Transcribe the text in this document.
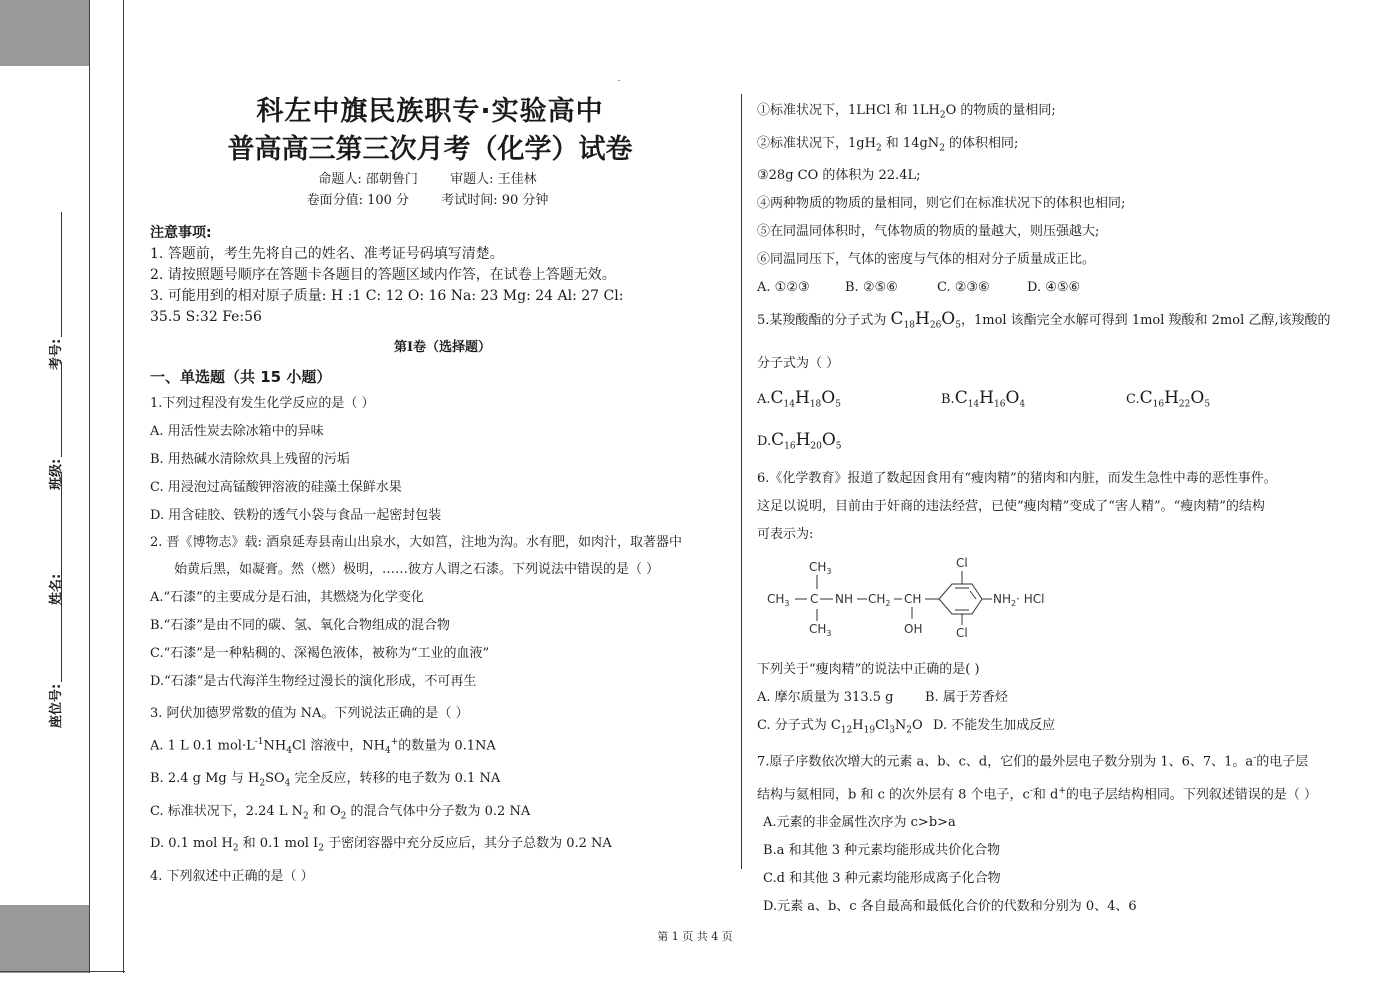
座位号:
姓名:
班级:
考号:
科左中旗民族职专·实验高中
普高高三第三次月考（化学）试卷
命题人: 邵朝鲁门 审题人: 王佳林
卷面分值: 100 分 考试时间: 90 分钟
注意事项:
1. 答题前，考生先将自己的姓名、准考证号码填写清楚。
2. 请按照题号顺序在答题卡各题目的答题区域内作答，在试卷上答题无效。
3. 可能用到的相对原子质量: H :1 C: 12 O: 16 Na: 23 Mg: 24 Al: 27 Cl:
35.5 S:32 Fe:56
第Ⅰ卷（选择题）
一、单选题（共 15 小题）
1.下列过程没有发生化学反应的是（ ）
A. 用活性炭去除冰箱中的异味
B. 用热碱水清除炊具上残留的污垢
C. 用浸泡过高锰酸钾溶液的硅藻土保鲜水果
D. 用含硅胶、铁粉的透气小袋与食品一起密封包装
2. 晋《博物志》载: 酒泉延寿县南山出泉水，大如筥，注地为沟。水有肥，如肉汁，取著器中
始黄后黑，如凝膏。然（燃）极明，……彼方人谓之石漆。下列说法中错误的是（ ）
A.“石漆”的主要成分是石油，其燃烧为化学变化
B.“石漆”是由不同的碳、氢、氧化合物组成的混合物
C.“石漆”是一种粘稠的、深褐色液体，被称为“工业的血液”
D.“石漆”是古代海洋生物经过漫长的演化形成，不可再生
3. 阿伏加德罗常数的值为 NA。下列说法正确的是（ ）
A. 1 L 0.1 $mol\cdot L^{-1}NH_4Cl$ 溶液中，$NH_4^+$的数量为 0.1NA
B. 2.4 g Mg 与 $H_2SO_4$ 完全反应，转移的电子数为 0.1 NA
C. 标准状况下，2.24 L $N_2$ 和 $O_2$ 的混合气体中分子数为 0.2 NA
D. 0.1 mol $H_2$ 和 0.1 mol $I_2$ 于密闭容器中充分反应后，其分子总数为 0.2 NA
4. 下列叙述中正确的是（ ）
①标准状况下，1LHCl 和 $1LH_2O$ 的物质的量相同;
②标准状况下，$1gH_2$ 和 $14gN_2$ 的体积相同;
③28g CO 的体积为 22.4L;
④两种物质的物质的量相同，则它们在标准状况下的体积也相同;
⑤在同温同体积时，气体物质的物质的量越大，则压强越大;
⑥同温同压下，气体的密度与气体的相对分子质量成正比。
A. ①②③	B. ②⑤⑥	C. ②③⑥	D. ④⑤⑥
5.某羧酸酯的分子式为 $C_{18}H_{26}O_5$，1mol 该酯完全水解可得到 1mol 羧酸和 2mol 乙醇,该羧酸的
分子式为（ ）
$A.C_{14}H_{18}O_5$	$B.C_{14}H_{16}O_4$	$C.C_{16}H_{22}O_5$
$D.C_{16}H_{20}O_5$
6.《化学教育》报道了数起因食用有“瘦肉精”的猪肉和内脏，而发生急性中毒的恶性事件。
这足以说明，目前由于奸商的违法经营，已使“瘦肉精”变成了“害人精”。“瘦肉精”的结构
可表示为:
$CH_3$
$CH_3$ C NH $CH_2$ CH
OH
$CH_3$
Cl
Cl
$NH_2\cdot$ HCl
下列关于“瘦肉精”的说法中正确的是( )
A. 摩尔质量为 313.5 g B. 属于芳香烃
C. 分子式为 $C_{12}H_{19}Cl_3N_2O$ D. 不能发生加成反应
7.原子序数依次增大的元素 a、b、c、d，它们的最外层电子数分别为 1、6、7、1。a-的电子层
结构与氦相同，b 和 c 的次外层有 8 个电子，c-和 d+的电子层结构相同。下列叙述错误的是（ ）
A.元素的非金属性次序为 c>b>a
B.a 和其他 3 种元素均能形成共价化合物
C.d 和其他 3 种元素均能形成离子化合物
D.元素 a、b、c 各自最高和最低化合价的代数和分别为 0、4、6
第 1 页 共 4 页
